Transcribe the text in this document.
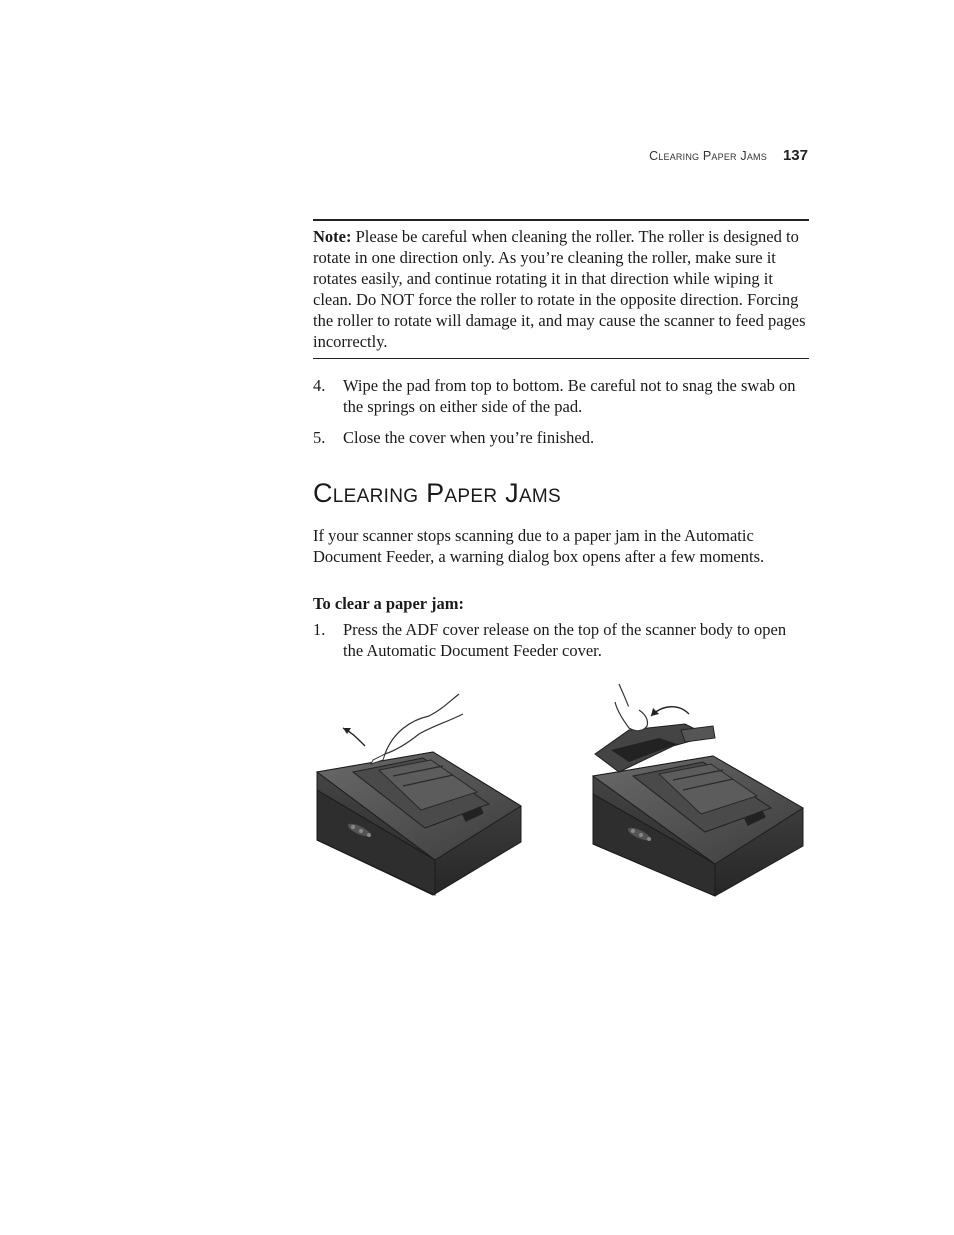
Clearing Paper Jams 137
Note: Please be careful when cleaning the roller. The roller is designed to rotate in one direction only. As you’re cleaning the roller, make sure it rotates easily, and continue rotating it in that direction while wiping it clean. Do NOT force the roller to rotate in the opposite direction. Forcing the roller to rotate will damage it, and may cause the scanner to feed pages incorrectly.
4.	Wipe the pad from top to bottom. Be careful not to snag the swab on the springs on either side of the pad.
5.	Close the cover when you’re finished.
Clearing Paper Jams

If your scanner stops scanning due to a paper jam in the Automatic Document Feeder, a warning dialog box opens after a few moments.

To clear a paper jam:

1.	Press the ADF cover release on the top of the scanner body to open the Automatic Document Feeder cover.
